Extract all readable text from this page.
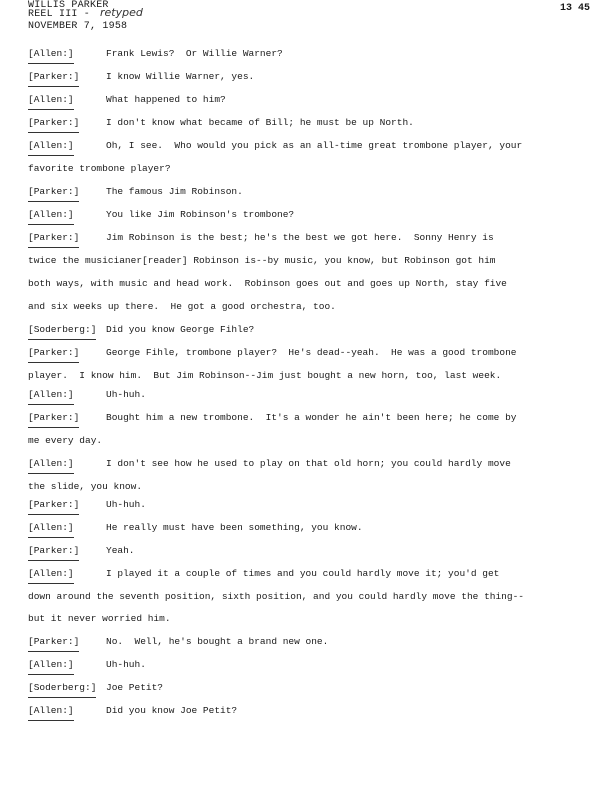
WILLIS PARKER
REEL III - retyped
NOVEMBER 7, 1958
13 45
[Allen:]	Frank Lewis?  Or Willie Warner?
[Parker:]	I know Willie Warner, yes.
[Allen:]	What happened to him?
[Parker:]	I don't know what became of Bill; he must be up North.
[Allen:]	Oh, I see.  Who would you pick as an all-time great trombone player, your
favorite trombone player?
[Parker:]	The famous Jim Robinson.
[Allen:]	You like Jim Robinson's trombone?
[Parker:]	Jim Robinson is the best; he's the best we got here.  Sonny Henry is
twice the musicianer[reader] Robinson is--by music, you know, but Robinson got him
both ways, with music and head work.  Robinson goes out and goes up North, stay five
and six weeks up there.  He got a good orchestra, too.
[Soderberg:] Did you know George Fihle?
[Parker:]	George Fihle, trombone player?  He's dead--yeah.  He was a good trombone
player.  I know him.  But Jim Robinson--Jim just bought a new horn, too, last week.
[Allen:]	Uh-huh.
[Parker:]	Bought him a new trombone.  It's a wonder he ain't been here; he come by
me every day.
[Allen:]	I don't see how he used to play on that old horn; you could hardly move
the slide, you know.
[Parker:]	Uh-huh.
[Allen:]	He really must have been something, you know.
[Parker:]	Yeah.
[Allen:]	I played it a couple of times and you could hardly move it; you'd get
down around the seventh position, sixth position, and you could hardly move the thing--
but it never worried him.
[Parker:]	No.  Well, he's bought a brand new one.
[Allen:]	Uh-huh.
[Soderberg:] Joe Petit?
[Allen:]	Did you know Joe Petit?
